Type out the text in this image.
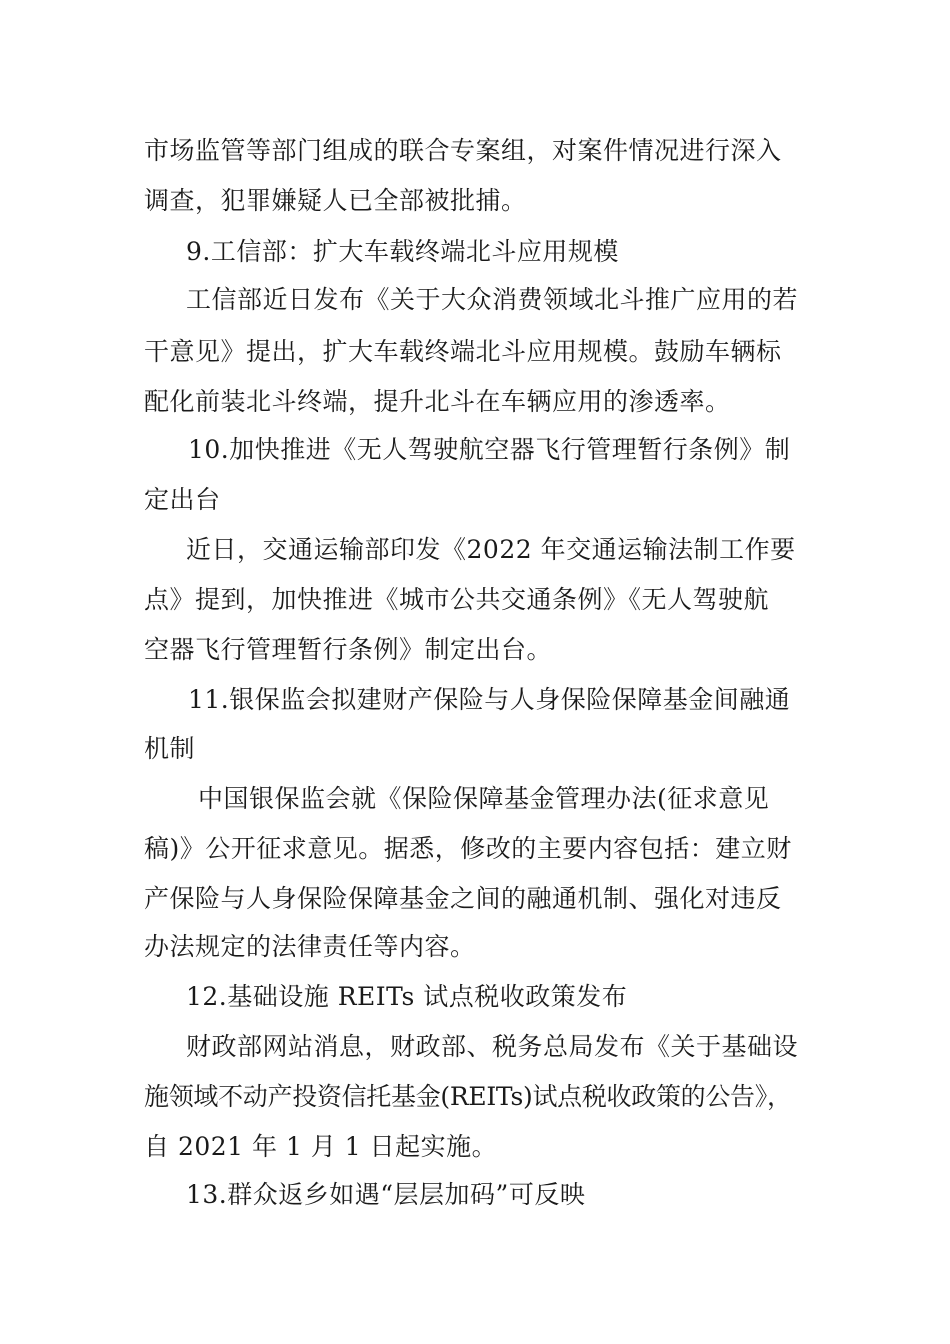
市场监管等部门组成的联合专案组，对案件情况进行深入

调查，犯罪嫌疑人已全部被批捕。

9.工信部：扩大车载终端北斗应用规模

工信部近日发布《关于大众消费领域北斗推广应用的若

干意见》提出，扩大车载终端北斗应用规模。鼓励车辆标

配化前装北斗终端，提升北斗在车辆应用的渗透率。

10.加快推进《无人驾驶航空器飞行管理暂行条例》制

定出台

近日，交通运输部印发《2022 年交通运输法制工作要

点》提到，加快推进《城市公共交通条例》《无人驾驶航

空器飞行管理暂行条例》制定出台。

11.银保监会拟建财产保险与人身保险保障基金间融通

机制

中国银保监会就《保险保障基金管理办法(征求意见

稿)》公开征求意见。据悉，修改的主要内容包括：建立财

产保险与人身保险保障基金之间的融通机制、强化对违反

办法规定的法律责任等内容。

12.基础设施 REITs 试点税收政策发布

财政部网站消息，财政部、税务总局发布《关于基础设

施领域不动产投资信托基金(REITs)试点税收政策的公告》，

自 2021 年 1 月 1 日起实施。

13.群众返乡如遇“层层加码”可反映
